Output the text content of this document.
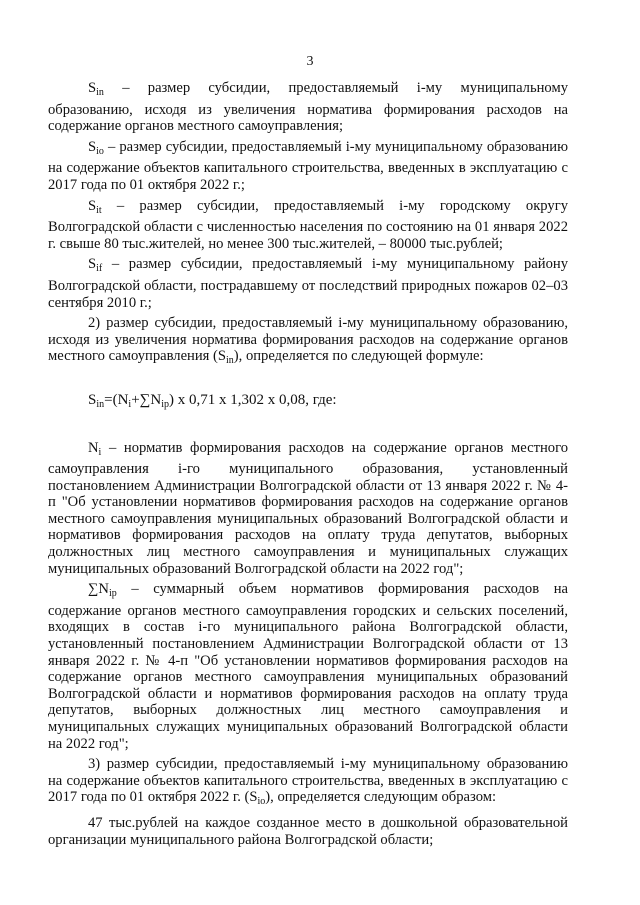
3

$S_{in}$ – размер субсидии, предоставляемый i-му муниципальному образованию, исходя из увеличения норматива формирования расходов на содержание органов местного самоуправления;

$S_{io}$ – размер субсидии, предоставляемый i-му муниципальному образованию на содержание объектов капитального строительства, введенных в эксплуатацию с 2017 года по 01 октября 2022 г.;

$S_{it}$ – размер субсидии, предоставляемый i-му городскому округу Волгоградской области с численностью населения по состоянию на 01 января 2022 г. свыше 80 тыс.жителей, но менее 300 тыс.жителей, – 80000 тыс.рублей;

$S_{if}$ – размер субсидии, предоставляемый i-му муниципальному району Волгоградской области, пострадавшему от последствий природных пожаров 02–03 сентября 2010 г.;

2) размер субсидии, предоставляемый i-му муниципальному образованию, исходя из увеличения норматива формирования расходов на содержание органов местного самоуправления $(S_{in})$, определяется по следующей формуле:

$S_{in}=(N_i+\sum N_{ip})$ x 0,71 x 1,302 x 0,08, где:

$N_i$ – норматив формирования расходов на содержание органов местного самоуправления i-го муниципального образования, установленный постановлением Администрации Волгоградской области от 13 января 2022 г. № 4-п "Об установлении нормативов формирования расходов на содержание органов местного самоуправления муниципальных образований Волгоградской области и нормативов формирования расходов на оплату труда депутатов, выборных должностных лиц местного самоуправления и муниципальных служащих муниципальных образований Волгоградской области на 2022 год";

$\sum N_{ip}$ – суммарный объем нормативов формирования расходов на содержание органов местного самоуправления городских и сельских поселений, входящих в состав i-го муниципального района Волгоградской области, установленный постановлением Администрации Волгоградской области от 13 января 2022 г. № 4-п "Об установлении нормативов формирования расходов на содержание органов местного самоуправления муниципальных образований Волгоградской области и нормативов формирования расходов на оплату труда депутатов, выборных должностных лиц местного самоуправления и муниципальных служащих муниципальных образований Волгоградской области на 2022 год";

3) размер субсидии, предоставляемый i-му муниципальному образованию на содержание объектов капитального строительства, введенных в эксплуатацию с 2017 года по 01 октября 2022 г. $(S_{io})$, определяется следующим образом:

47 тыс.рублей на каждое созданное место в дошкольной образовательной организации муниципального района Волгоградской области;
